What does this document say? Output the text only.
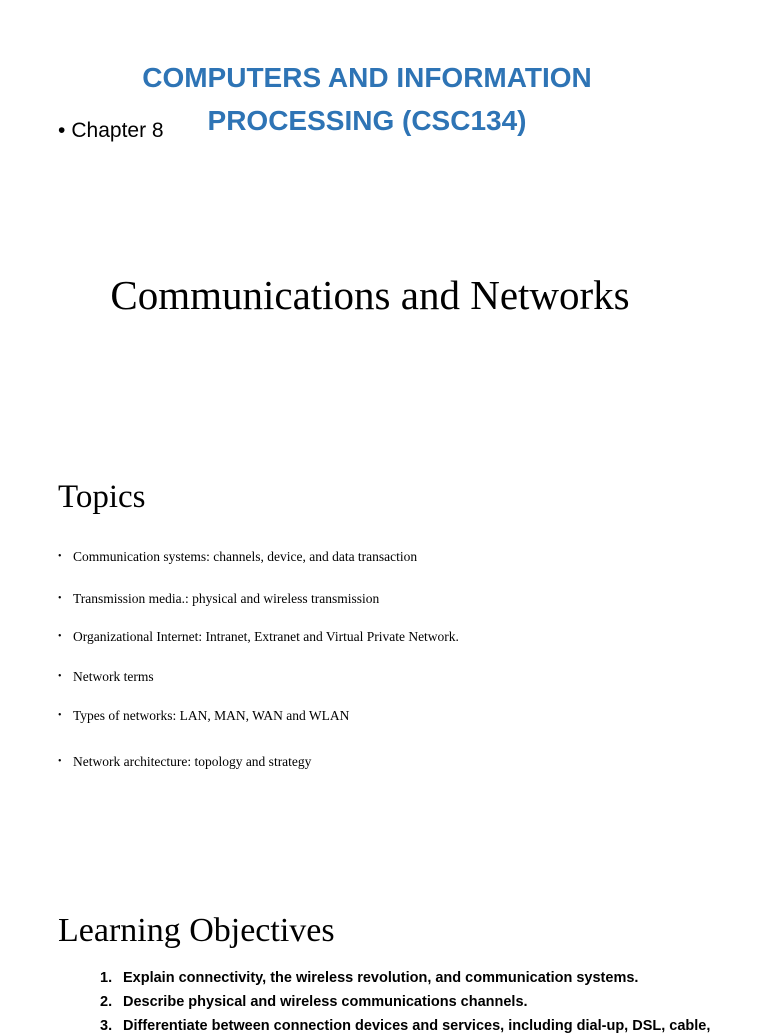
COMPUTERS AND INFORMATION
PROCESSING (CSC134)
• Chapter 8
Communications and Networks
Topics
• Communication systems: channels, device, and data transaction
• Transmission media.: physical and wireless transmission
• Organizational Internet: Intranet, Extranet and Virtual Private Network.
• Network terms
• Types of networks: LAN, MAN, WAN and WLAN
• Network architecture: topology and strategy
Learning Objectives
1. Explain connectivity, the wireless revolution, and communication systems.
2. Describe physical and wireless communications channels.
3. Differentiate between connection devices and services, including dial-up, DSL, cable,
